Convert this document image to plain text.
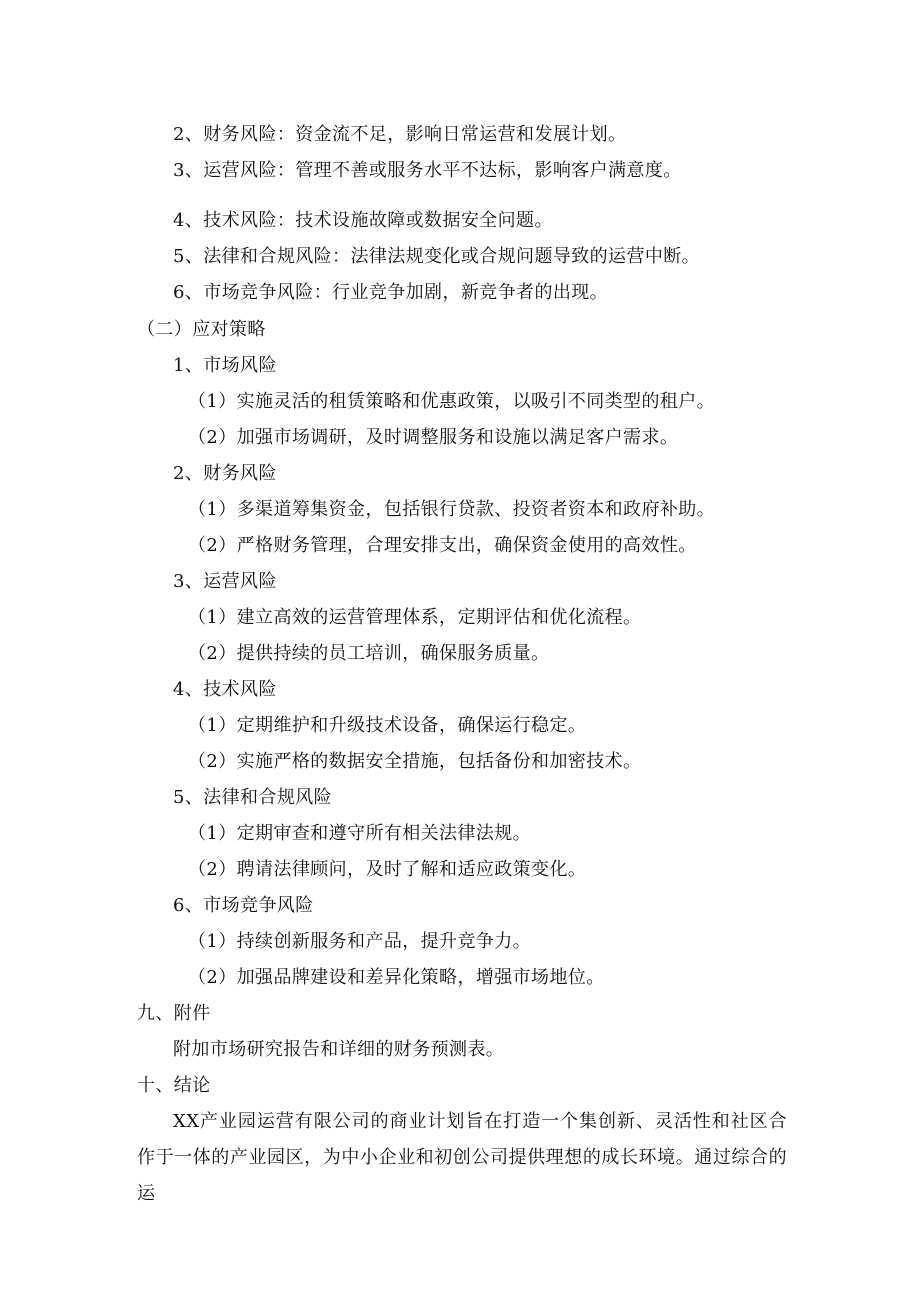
2、财务风险：资金流不足，影响日常运营和发展计划。
3、运营风险：管理不善或服务水平不达标，影响客户满意度。
4、技术风险：技术设施故障或数据安全问题。
5、法律和合规风险：法律法规变化或合规问题导致的运营中断。
6、市场竞争风险：行业竞争加剧，新竞争者的出现。
（二）应对策略
1、市场风险
（1）实施灵活的租赁策略和优惠政策，以吸引不同类型的租户。
（2）加强市场调研，及时调整服务和设施以满足客户需求。
2、财务风险
（1）多渠道筹集资金，包括银行贷款、投资者资本和政府补助。
（2）严格财务管理，合理安排支出，确保资金使用的高效性。
3、运营风险
（1）建立高效的运营管理体系，定期评估和优化流程。
（2）提供持续的员工培训，确保服务质量。
4、技术风险
（1）定期维护和升级技术设备，确保运行稳定。
（2）实施严格的数据安全措施，包括备份和加密技术。
5、法律和合规风险
（1）定期审查和遵守所有相关法律法规。
（2）聘请法律顾问，及时了解和适应政策变化。
6、市场竞争风险
（1）持续创新服务和产品，提升竞争力。
（2）加强品牌建设和差异化策略，增强市场地位。
九、附件
附加市场研究报告和详细的财务预测表。
十、结论
XX产业园运营有限公司的商业计划旨在打造一个集创新、灵活性和社区合作于一体的产业园区，为中小企业和初创公司提供理想的成长环境。通过综合的运
